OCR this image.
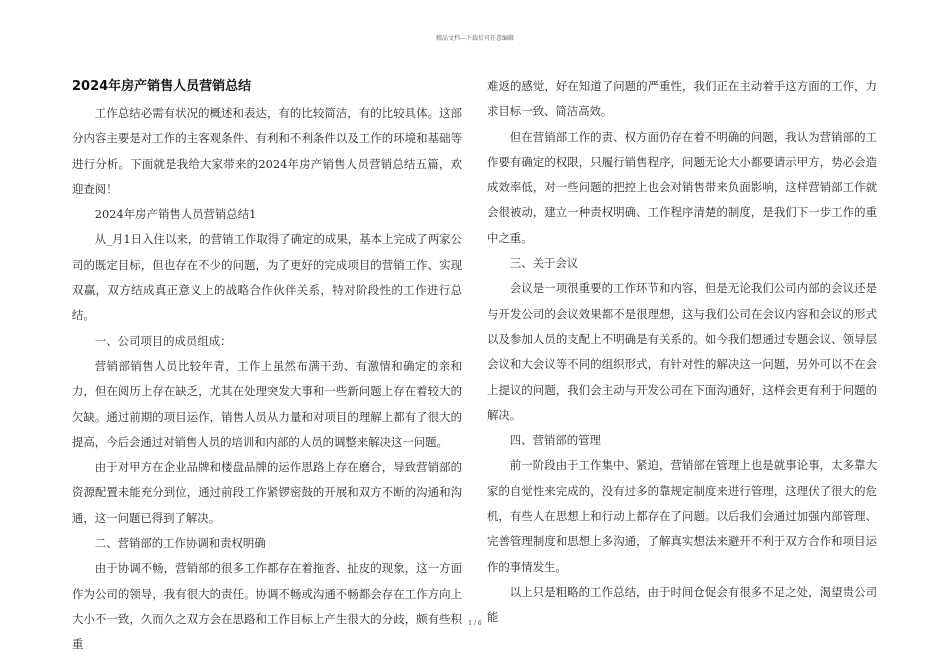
精品文档---下载后可任意编辑
2024年房产销售人员营销总结

工作总结必需有状况的概述和表达，有的比较简洁，有的比较具体。这部分内容主要是对工作的主客观条件、有利和不利条件以及工作的环境和基础等进行分析。下面就是我给大家带来的2024年房产销售人员营销总结五篇，欢迎查阅！

2024年房产销售人员营销总结1

从_月1日入住以来，的营销工作取得了确定的成果，基本上完成了两家公司的既定目标，但也存在不少的问题，为了更好的完成项目的营销工作、实现双赢，双方结成真正意义上的战略合作伙伴关系，特对阶段性的工作进行总结。

一、公司项目的成员组成：

营销部销售人员比较年青，工作上虽然布满干劲、有激情和确定的亲和力，但在阅历上存在缺乏，尤其在处理突发大事和一些新问题上存在着较大的欠缺。通过前期的项目运作，销售人员从力量和对项目的理解上都有了很大的提高，今后会通过对销售人员的培训和内部的人员的调整来解决这一问题。

由于对甲方在企业品牌和楼盘品牌的运作思路上存在磨合，导致营销部的资源配置未能充分到位，通过前段工作紧锣密鼓的开展和双方不断的沟通和沟通，这一问题已得到了解决。

二、营销部的工作协调和责权明确

由于协调不畅，营销部的很多工作都存在着拖沓、扯皮的现象，这一方面作为公司的领导，我有很大的责任。协调不畅或沟通不畅都会存在工作方向上大小不一致，久而久之双方会在思路和工作目标上产生很大的分歧，颇有些积重

难返的感觉，好在知道了问题的严重性，我们正在主动着手这方面的工作，力求目标一致、简洁高效。

但在营销部工作的责、权方面仍存在着不明确的问题，我认为营销部的工作要有确定的权限，只履行销售程序，问题无论大小都要请示甲方，势必会造成效率低，对一些问题的把控上也会对销售带来负面影响，这样营销部工作就会很被动，建立一种责权明确、工作程序清楚的制度，是我们下一步工作的重中之重。

三、关于会议

会议是一项很重要的工作环节和内容，但是无论我们公司内部的会议还是与开发公司的会议效果都不是很理想，这与我们公司在会议内容和会议的形式以及参加人员的支配上不明确是有关系的。如今我们想通过专题会议、领导层会议和大会议等不同的组织形式，有针对性的解决这一问题，另外可以不在会上提议的问题，我们会主动与开发公司在下面沟通好，这样会更有利于问题的解决。

四、营销部的管理

前一阶段由于工作集中、紧迫，营销部在管理上也是就事论事，太多靠大家的自觉性来完成的，没有过多的靠规定制度来进行管理，这理伏了很大的危机，有些人在思想上和行动上都存在了问题。以后我们会通过加强内部管理、完善管理制度和思想上多沟通，了解真实想法来避开不利于双方合作和项目运作的事情发生。

以上只是粗略的工作总结，由于时间仓促会有很多不足之处，渴望贵公司能

1 / 6
